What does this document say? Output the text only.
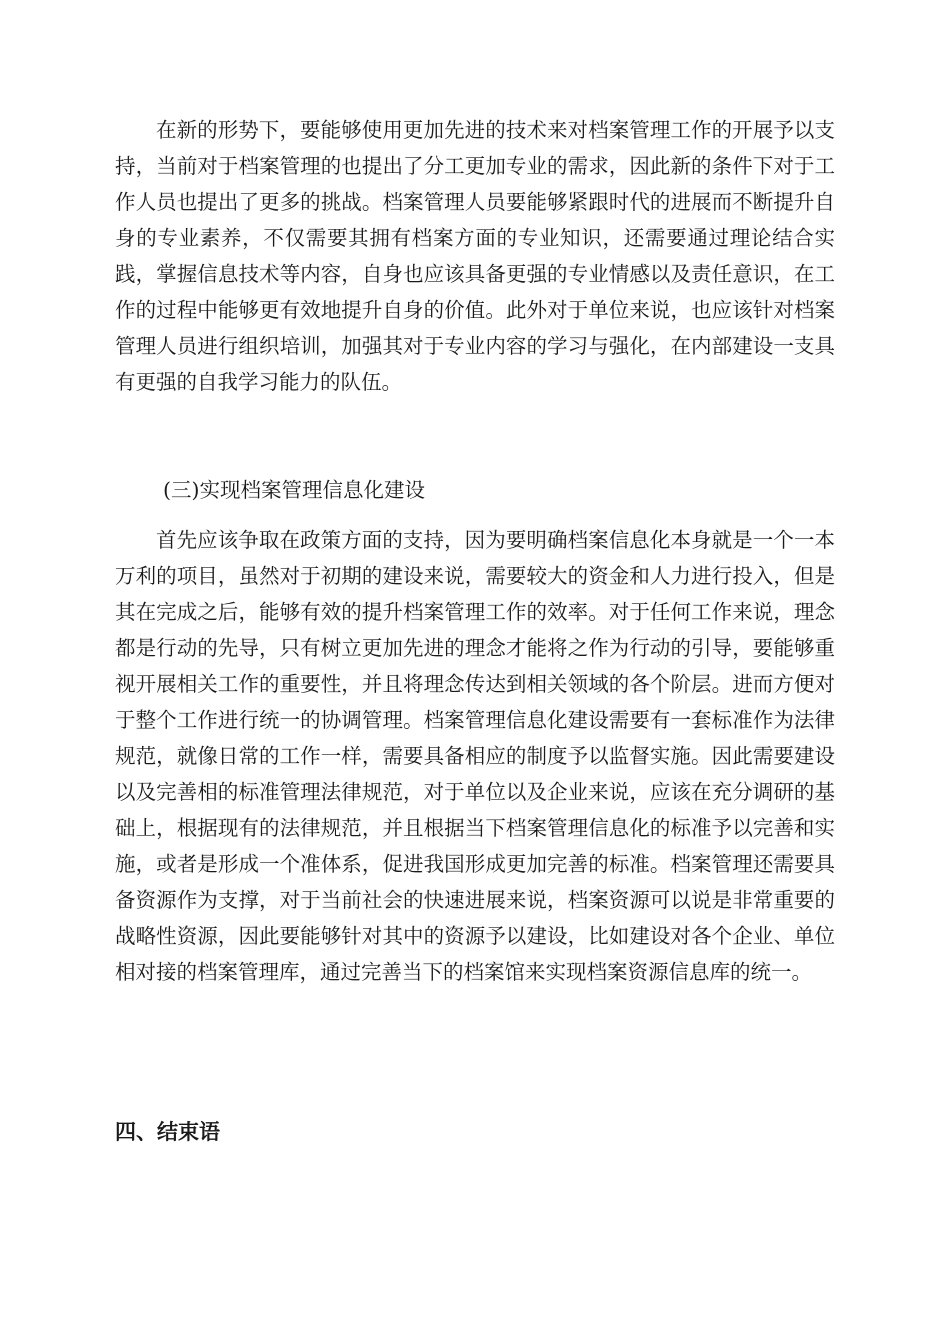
在新的形势下，要能够使用更加先进的技术来对档案管理工作的开展予以支持，当前对于档案管理的也提出了分工更加专业的需求，因此新的条件下对于工作人员也提出了更多的挑战。档案管理人员要能够紧跟时代的进展而不断提升自身的专业素养，不仅需要其拥有档案方面的专业知识，还需要通过理论结合实践，掌握信息技术等内容，自身也应该具备更强的专业情感以及责任意识，在工作的过程中能够更有效地提升自身的价值。此外对于单位来说，也应该针对档案管理人员进行组织培训，加强其对于专业内容的学习与强化，在内部建设一支具有更强的自我学习能力的队伍。

(三)实现档案管理信息化建设

首先应该争取在政策方面的支持，因为要明确档案信息化本身就是一个一本万利的项目，虽然对于初期的建设来说，需要较大的资金和人力进行投入，但是其在完成之后，能够有效的提升档案管理工作的效率。对于任何工作来说，理念都是行动的先导，只有树立更加先进的理念才能将之作为行动的引导，要能够重视开展相关工作的重要性，并且将理念传达到相关领域的各个阶层。进而方便对于整个工作进行统一的协调管理。档案管理信息化建设需要有一套标准作为法律规范，就像日常的工作一样，需要具备相应的制度予以监督实施。因此需要建设以及完善相的标准管理法律规范，对于单位以及企业来说，应该在充分调研的基础上，根据现有的法律规范，并且根据当下档案管理信息化的标准予以完善和实施，或者是形成一个准体系，促进我国形成更加完善的标准。档案管理还需要具备资源作为支撑，对于当前社会的快速进展来说，档案资源可以说是非常重要的战略性资源，因此要能够针对其中的资源予以建设，比如建设对各个企业、单位相对接的档案管理库，通过完善当下的档案馆来实现档案资源信息库的统一。

四、结束语
